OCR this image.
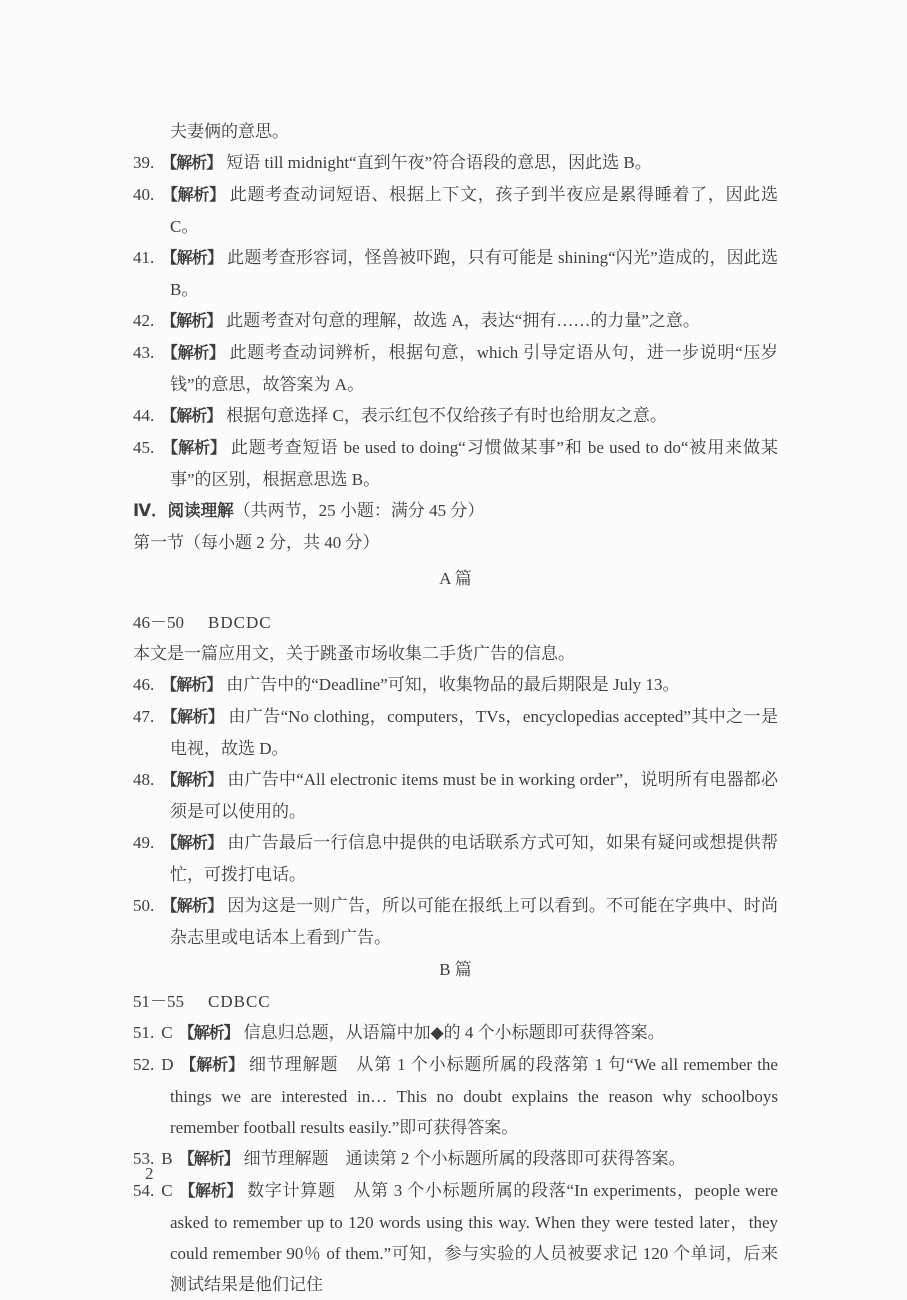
夫妻俩的意思。
39. 【解析】 短语 till midnight“直到午夜”符合语段的意思，因此选 B。
40. 【解析】 此题考查动词短语、根据上下文，孩子到半夜应是累得睡着了，因此选 C。
41. 【解析】 此题考查形容词，怪兽被吓跑，只有可能是 shining“闪光”造成的，因此选 B。
42. 【解析】 此题考查对句意的理解，故选 A，表达“拥有……的力量”之意。
43. 【解析】 此题考查动词辨析，根据句意，which 引导定语从句，进一步说明“压岁钱”的意思，故答案为 A。
44. 【解析】 根据句意选择 C，表示红包不仅给孩子有时也给朋友之意。
45. 【解析】 此题考查短语 be used to doing“习惯做某事”和 be used to do“被用来做某事”的区别，根据意思选 B。
Ⅳ．阅读理解（共两节，25 小题：满分 45 分）
第一节（每小题 2 分，共 40 分）
A 篇
46－50 BDCDC
本文是一篇应用文，关于跳蚤市场收集二手货广告的信息。
46. 【解析】 由广告中的“Deadline”可知，收集物品的最后期限是 July 13。
47. 【解析】 由广告“No clothing，computers，TVs，encyclopedias accepted”其中之一是电视，故选 D。
48. 【解析】 由广告中“All electronic items must be in working order”，说明所有电器都必须是可以使用的。
49. 【解析】 由广告最后一行信息中提供的电话联系方式可知，如果有疑问或想提供帮忙，可拨打电话。
50. 【解析】 因为这是一则广告，所以可能在报纸上可以看到。不可能在字典中、时尚杂志里或电话本上看到广告。
B 篇
51－55 CDBCC
51. C 【解析】 信息归总题，从语篇中加◆的 4 个小标题即可获得答案。
52. D 【解析】 细节理解题　从第 1 个小标题所属的段落第 1 句“We all remember the things we are interested in… This no doubt explains the reason why schoolboys remember football results easily.”即可获得答案。
53. B 【解析】 细节理解题　通读第 2 个小标题所属的段落即可获得答案。
54. C 【解析】 数字计算题　从第 3 个小标题所属的段落“In experiments，people were asked to remember up to 120 words using this way. When they were tested later，they could remember 90％ of them.”可知，参与实验的人员被要求记 120 个单词，后来测试结果是他们记住
2
